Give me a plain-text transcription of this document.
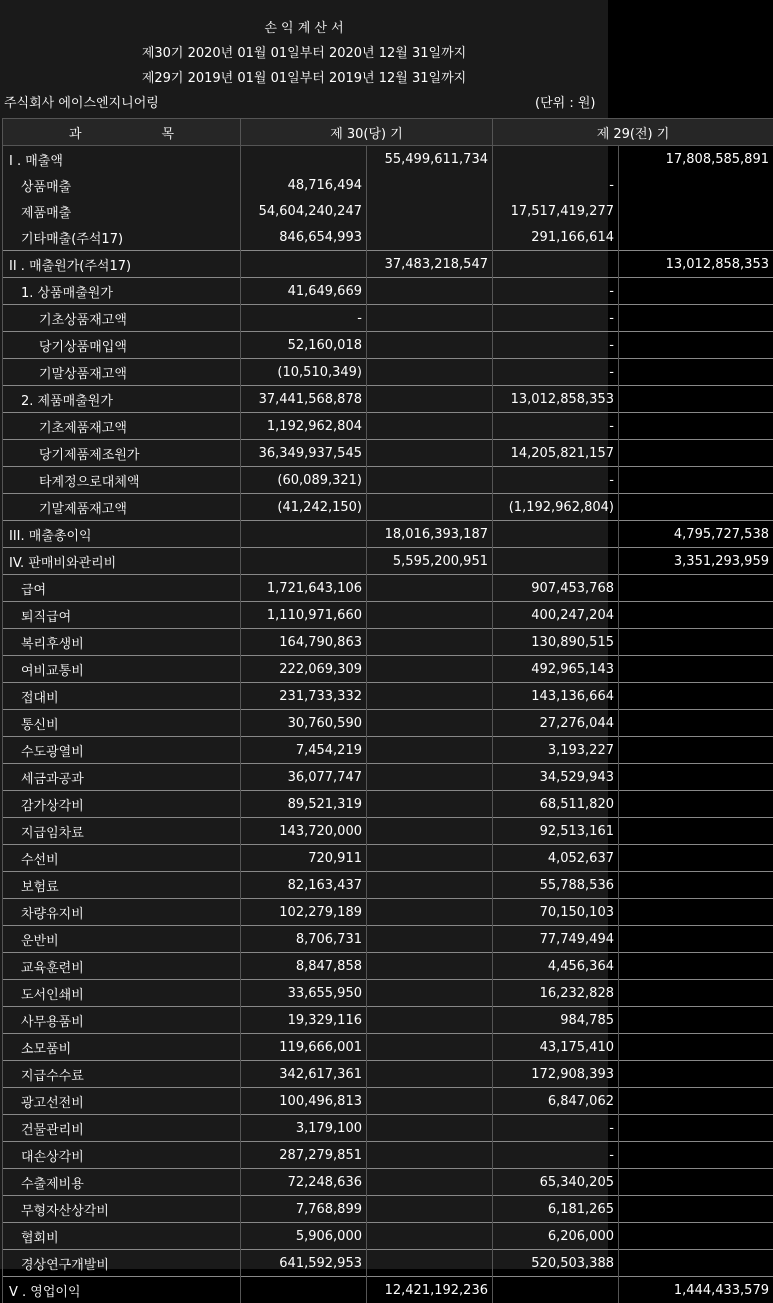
손 익 계 산 서
제30기 2020년 01월 01일부터 2020년 12월 31일까지
제29기 2019년 01월 01일부터 2019년 12월 31일까지
주식회사 에이스엔지니어링	(단위 : 원)
과 목	제 30(당) 기		제 29(전) 기	
I . 매출액		55,499,611,734		17,808,585,891
상품매출	48,716,494		-	
제품매출	54,604,240,247		17,517,419,277	
기타매출(주석17)	846,654,993		291,166,614	
II . 매출원가(주석17)		37,483,218,547		13,012,858,353
1. 상품매출원가	41,649,669		-	
기초상품재고액	-		-	
당기상품매입액	52,160,018		-	
기말상품재고액	(10,510,349)		-	
2. 제품매출원가	37,441,568,878		13,012,858,353	
기초제품재고액	1,192,962,804		-	
당기제품제조원가	36,349,937,545		14,205,821,157	
타계정으로대체액	(60,089,321)		-	
기말제품재고액	(41,242,150)		(1,192,962,804)	
III. 매출총이익		18,016,393,187		4,795,727,538
IV. 판매비와관리비		5,595,200,951		3,351,293,959
급여	1,721,643,106		907,453,768	
퇴직급여	1,110,971,660		400,247,204	
복리후생비	164,790,863		130,890,515	
여비교통비	222,069,309		492,965,143	
접대비	231,733,332		143,136,664	
통신비	30,760,590		27,276,044	
수도광열비	7,454,219		3,193,227	
세금과공과	36,077,747		34,529,943	
감가상각비	89,521,319		68,511,820	
지급임차료	143,720,000		92,513,161	
수선비	720,911		4,052,637	
보험료	82,163,437		55,788,536	
차량유지비	102,279,189		70,150,103	
운반비	8,706,731		77,749,494	
교육훈련비	8,847,858		4,456,364	
도서인쇄비	33,655,950		16,232,828	
사무용품비	19,329,116		984,785	
소모품비	119,666,001		43,175,410	
지급수수료	342,617,361		172,908,393	
광고선전비	100,496,813		6,847,062	
건물관리비	3,179,100		-	
대손상각비	287,279,851		-	
수출제비용	72,248,636		65,340,205	
무형자산상각비	7,768,899		6,181,265	
협회비	5,906,000		6,206,000	
경상연구개발비	641,592,953		520,503,388	
V . 영업이익		12,421,192,236		1,444,433,579
